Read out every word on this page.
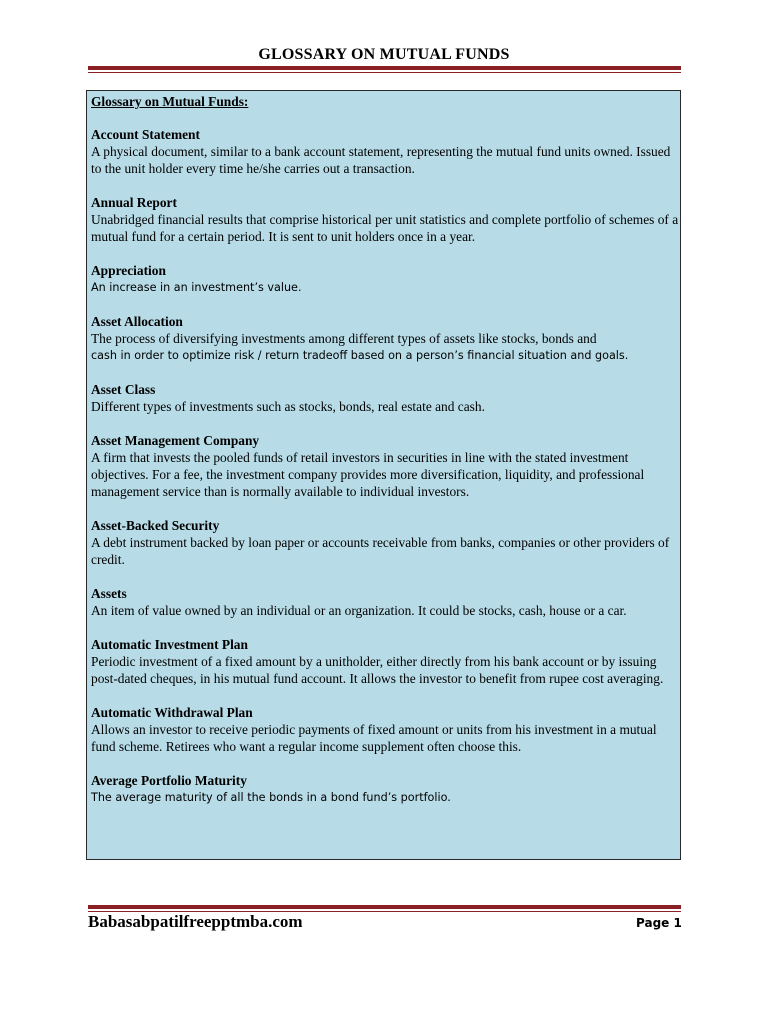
GLOSSARY ON MUTUAL FUNDS
Glossary on Mutual Funds:
Account Statement
A physical document, similar to a bank account statement, representing the mutual fund units owned. Issued to the unit holder every time he/she carries out a transaction.
Annual Report
Unabridged financial results that comprise historical per unit statistics and complete portfolio of schemes of a mutual fund for a certain period. It is sent to unit holders once in a year.
Appreciation
An increase in an investment’s value.
Asset Allocation
The process of diversifying investments among different types of assets like stocks, bonds and
cash in order to optimize risk / return tradeoff based on a person’s financial situation and goals.
Asset Class
Different types of investments such as stocks, bonds, real estate and cash.
Asset Management Company
A firm that invests the pooled funds of retail investors in securities in line with the stated investment objectives. For a fee, the investment company provides more diversification, liquidity, and professional management service than is normally available to individual investors.
Asset-Backed Security
A debt instrument backed by loan paper or accounts receivable from banks, companies or other providers of credit.
Assets
An item of value owned by an individual or an organization. It could be stocks, cash, house or a car.
Automatic Investment Plan
Periodic investment of a fixed amount by a unitholder, either directly from his bank account or by issuing post-dated cheques, in his mutual fund account. It allows the investor to benefit from rupee cost averaging.
Automatic Withdrawal Plan
Allows an investor to receive periodic payments of fixed amount or units from his investment in a mutual fund scheme. Retirees who want a regular income supplement often choose this.
Average Portfolio Maturity
The average maturity of all the bonds in a bond fund’s portfolio.
Babasabpatilfreepptmba.com	Page 1
